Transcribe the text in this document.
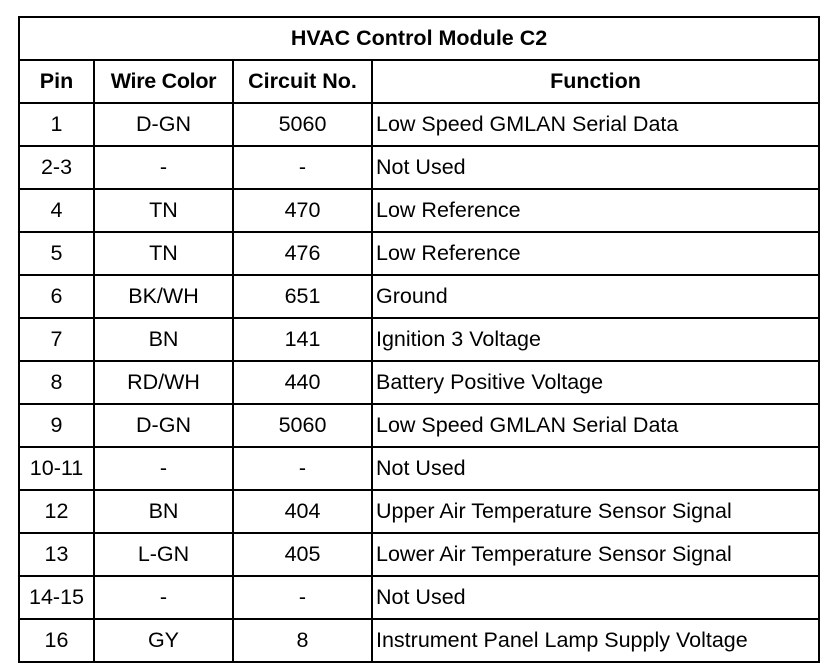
HVAC Control Module C2			
Pin	Wire Color	Circuit No.	Function
1	D-GN	5060	Low Speed GMLAN Serial Data
2-3	-	-	Not Used
4	TN	470	Low Reference
5	TN	476	Low Reference
6	BK/WH	651	Ground
7	BN	141	Ignition 3 Voltage
8	RD/WH	440	Battery Positive Voltage
9	D-GN	5060	Low Speed GMLAN Serial Data
10-11	-	-	Not Used
12	BN	404	Upper Air Temperature Sensor Signal
13	L-GN	405	Lower Air Temperature Sensor Signal
14-15	-	-	Not Used
16	GY	8	Instrument Panel Lamp Supply Voltage
